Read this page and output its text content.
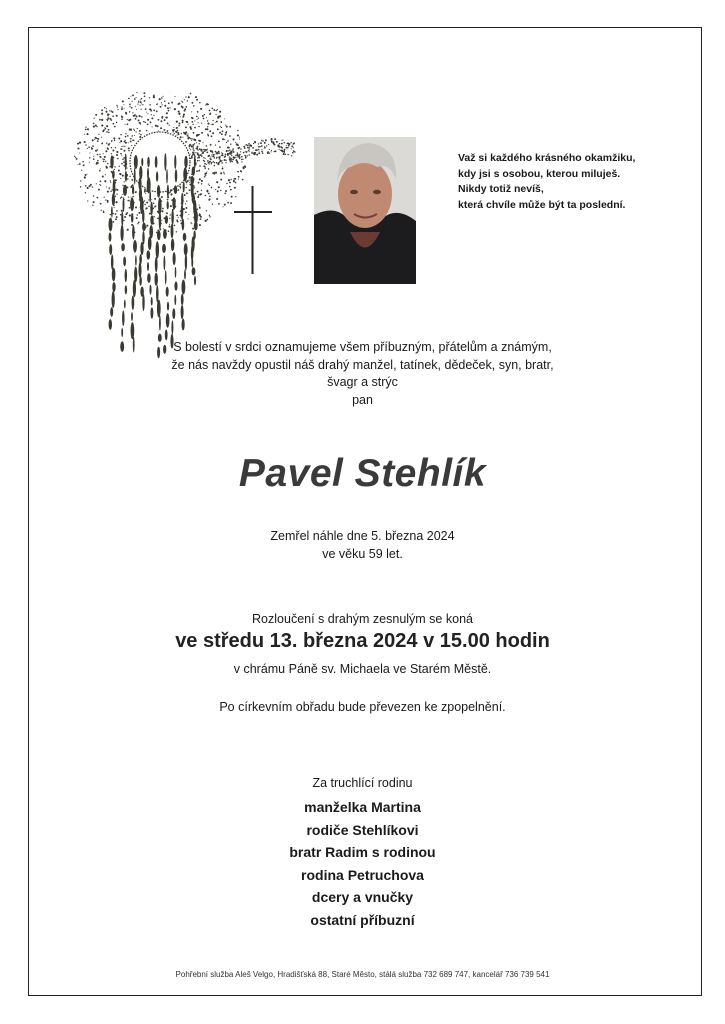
Važ si každého krásného okamžiku,
kdy jsi s osobou, kterou miluješ.
Nikdy totiž nevíš,
která chvíle může být ta poslední.
S bolestí v srdci oznamujeme všem příbuzným, přátelům a známým,
že nás navždy opustil náš drahý manžel, tatínek, dědeček, syn, bratr,
švagr a strýc
pan
Pavel Stehlík
Zemřel náhle dne 5. března 2024
ve věku 59 let.
Rozloučení s drahým zesnulým se koná
ve středu 13. března 2024 v 15.00 hodin
v chrámu Páně sv. Michaela ve Starém Městě.
Po církevním obřadu bude převezen ke zpopelnění.
Za truchlící rodinu
manželka Martina
rodiče Stehlíkovi
bratr Radim s rodinou
rodina Petruchova
dcery a vnučky
ostatní příbuzní
Pohřební služba Aleš Velgo, Hradišťská 88, Staré Město, stálá služba 732 689 747, kancelář 736 739 541
